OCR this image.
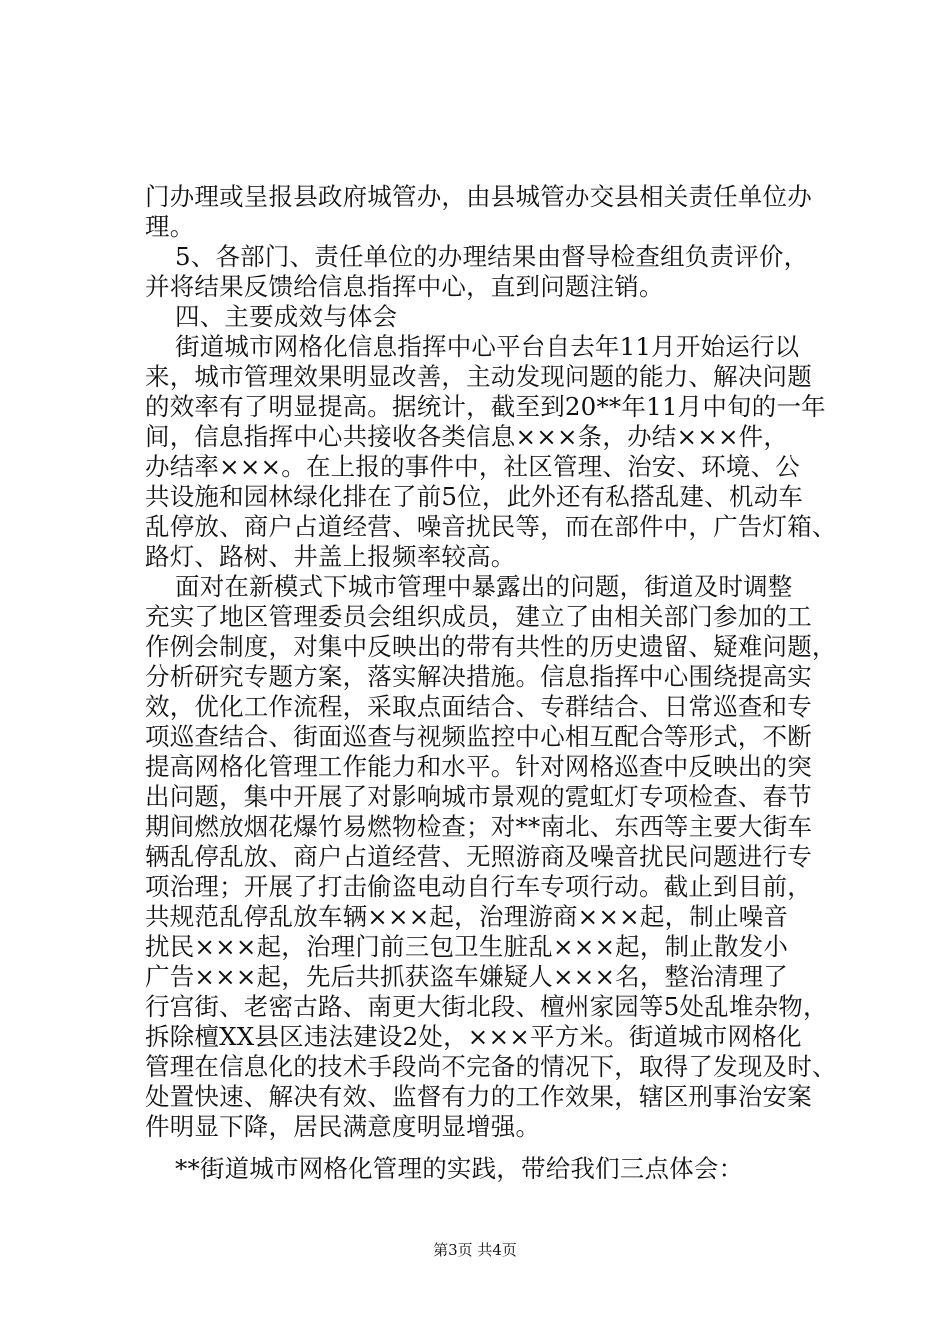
门办理或呈报县政府城管办，由县城管办交县相关责任单位办
理。
5、各部门、责任单位的办理结果由督导检查组负责评价，
并将结果反馈给信息指挥中心，直到问题注销。
四、主要成效与体会
街道城市网格化信息指挥中心平台自去年11月开始运行以
来，城市管理效果明显改善，主动发现问题的能力、解决问题
的效率有了明显提高。据统计，截至到20**年11月中旬的一年
间，信息指挥中心共接收各类信息×××条，办结×××件，
办结率×××。在上报的事件中，社区管理、治安、环境、公
共设施和园林绿化排在了前5位，此外还有私搭乱建、机动车
乱停放、商户占道经营、噪音扰民等，而在部件中，广告灯箱、
路灯、路树、井盖上报频率较高。
面对在新模式下城市管理中暴露出的问题，街道及时调整
充实了地区管理委员会组织成员，建立了由相关部门参加的工
作例会制度，对集中反映出的带有共性的历史遗留、疑难问题，
分析研究专题方案，落实解决措施。信息指挥中心围绕提高实
效，优化工作流程，采取点面结合、专群结合、日常巡查和专
项巡查结合、街面巡查与视频监控中心相互配合等形式，不断
提高网格化管理工作能力和水平。针对网格巡查中反映出的突
出问题，集中开展了对影响城市景观的霓虹灯专项检查、春节
期间燃放烟花爆竹易燃物检查；对**南北、东西等主要大街车
辆乱停乱放、商户占道经营、无照游商及噪音扰民问题进行专
项治理；开展了打击偷盗电动自行车专项行动。截止到目前，
共规范乱停乱放车辆×××起，治理游商×××起，制止噪音
扰民×××起，治理门前三包卫生脏乱×××起，制止散发小
广告×××起，先后共抓获盗车嫌疑人×××名，整治清理了
行宫街、老密古路、南更大街北段、檀州家园等5处乱堆杂物，
拆除檀XX县区违法建设2处，×××平方米。街道城市网格化
管理在信息化的技术手段尚不完备的情况下，取得了发现及时、
处置快速、解决有效、监督有力的工作效果，辖区刑事治安案
件明显下降，居民满意度明显增强。
**街道城市网格化管理的实践，带给我们三点体会：
第3页 共4页
